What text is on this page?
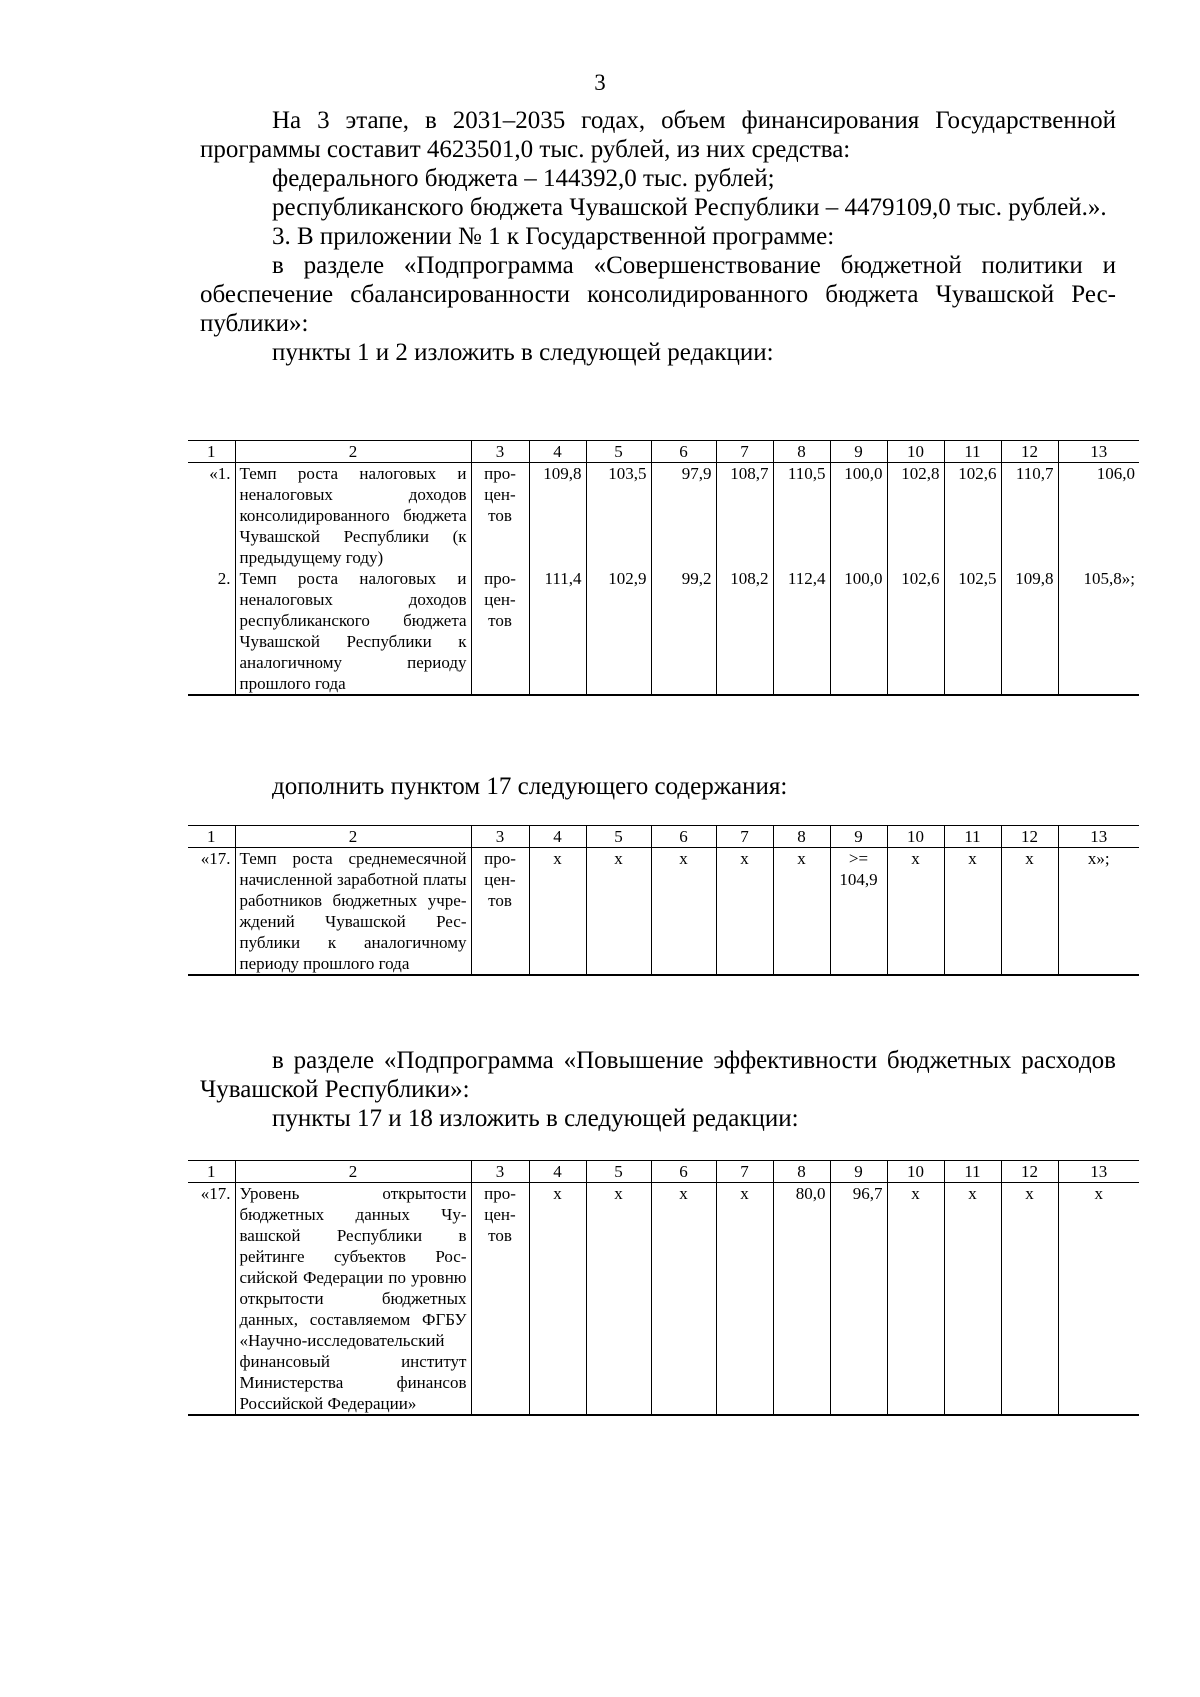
3

На 3 этапе, в 2031–2035 годах, объем финансирования Государственной программы составит 4623501,0 тыс. рублей, из них средства:

федерального бюджета – 144392,0 тыс. рублей;

республиканского бюджета Чувашской Республики – 4479109,0 тыс. рублей.».

3. В приложении № 1 к Государственной программе:

в разделе «Подпрограмма «Совершенствование бюджетной политики и обеспечение сбалансированности консолидированного бюджета Чувашской Республики»:

пункты 1 и 2 изложить в следующей редакции:

1	2	3	4	5	6	7	8	9	10	11	12	13
«1.	Темп роста налоговых и неналоговых доходов консолидированного бюджета Чувашской Республики (к предыдущему году)	процентов	109,8	103,5	97,9	108,7	110,5	100,0	102,8	102,6	110,7	106,0
2.	Темп роста налоговых и неналоговых доходов республиканского бюджета Чувашской Республики к аналогичному периоду прошлого года	процентов	111,4	102,9	99,2	108,2	112,4	100,0	102,6	102,5	109,8	105,8»;

дополнить пунктом 17 следующего содержания:

1	2	3	4	5	6	7	8	9	10	11	12	13
«17.	Темп роста среднемесячной начисленной заработной платы работников бюджетных учреждений Чувашской Республики к аналогичному периоду прошлого года	процентов	x	x	x	x	x	>= 104,9	x	x	x	x»;

в разделе «Подпрограмма «Повышение эффективности бюджетных расходов Чувашской Республики»:

пункты 17 и 18 изложить в следующей редакции:

1	2	3	4	5	6	7	8	9	10	11	12	13
«17.	Уровень открытости бюджетных данных Чувашской Республики в рейтинге субъектов Российской Федерации по уровню открытости бюджетных данных, составляемом ФГБУ «Научно-исследовательский финансовый институт Министерства финансов Российской Федерации»	процентов	x	x	x	x	80,0	96,7	x	x	x	x
